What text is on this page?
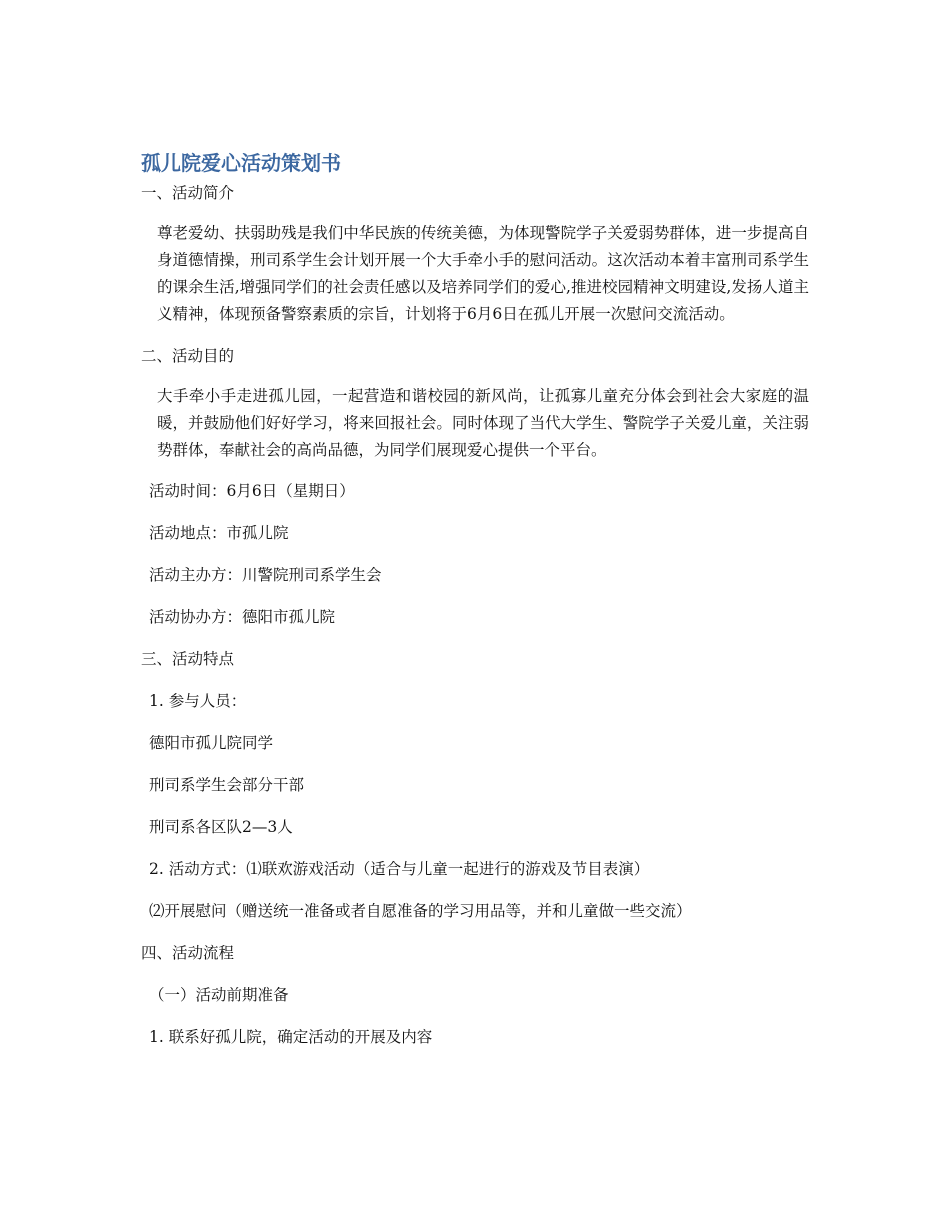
孤儿院爱心活动策划书

一、活动简介

尊老爱幼、扶弱助残是我们中华民族的传统美德，为体现警院学子关爱弱势群体，进一步提高自身道德情操，刑司系学生会计划开展一个大手牵小手的慰问活动。这次活动本着丰富刑司系学生的课余生活,增强同学们的社会责任感以及培养同学们的爱心,推进校园精神文明建设,发扬人道主义精神，体现预备警察素质的宗旨，计划将于6月6日在孤儿开展一次慰问交流活动。

二、活动目的

大手牵小手走进孤儿园，一起营造和谐校园的新风尚，让孤寡儿童充分体会到社会大家庭的温暖，并鼓励他们好好学习，将来回报社会。同时体现了当代大学生、警院学子关爱儿童，关注弱势群体，奉献社会的高尚品德，为同学们展现爱心提供一个平台。

活动时间：6月6日（星期日）

活动地点：市孤儿院

活动主办方：川警院刑司系学生会

活动协办方：德阳市孤儿院

三、活动特点

1. 参与人员：

德阳市孤儿院同学

刑司系学生会部分干部

刑司系各区队2—3人

2. 活动方式：⑴联欢游戏活动（适合与儿童一起进行的游戏及节目表演）

⑵开展慰问（赠送统一准备或者自愿准备的学习用品等，并和儿童做一些交流）

四、活动流程

（一）活动前期准备

1. 联系好孤儿院，确定活动的开展及内容
